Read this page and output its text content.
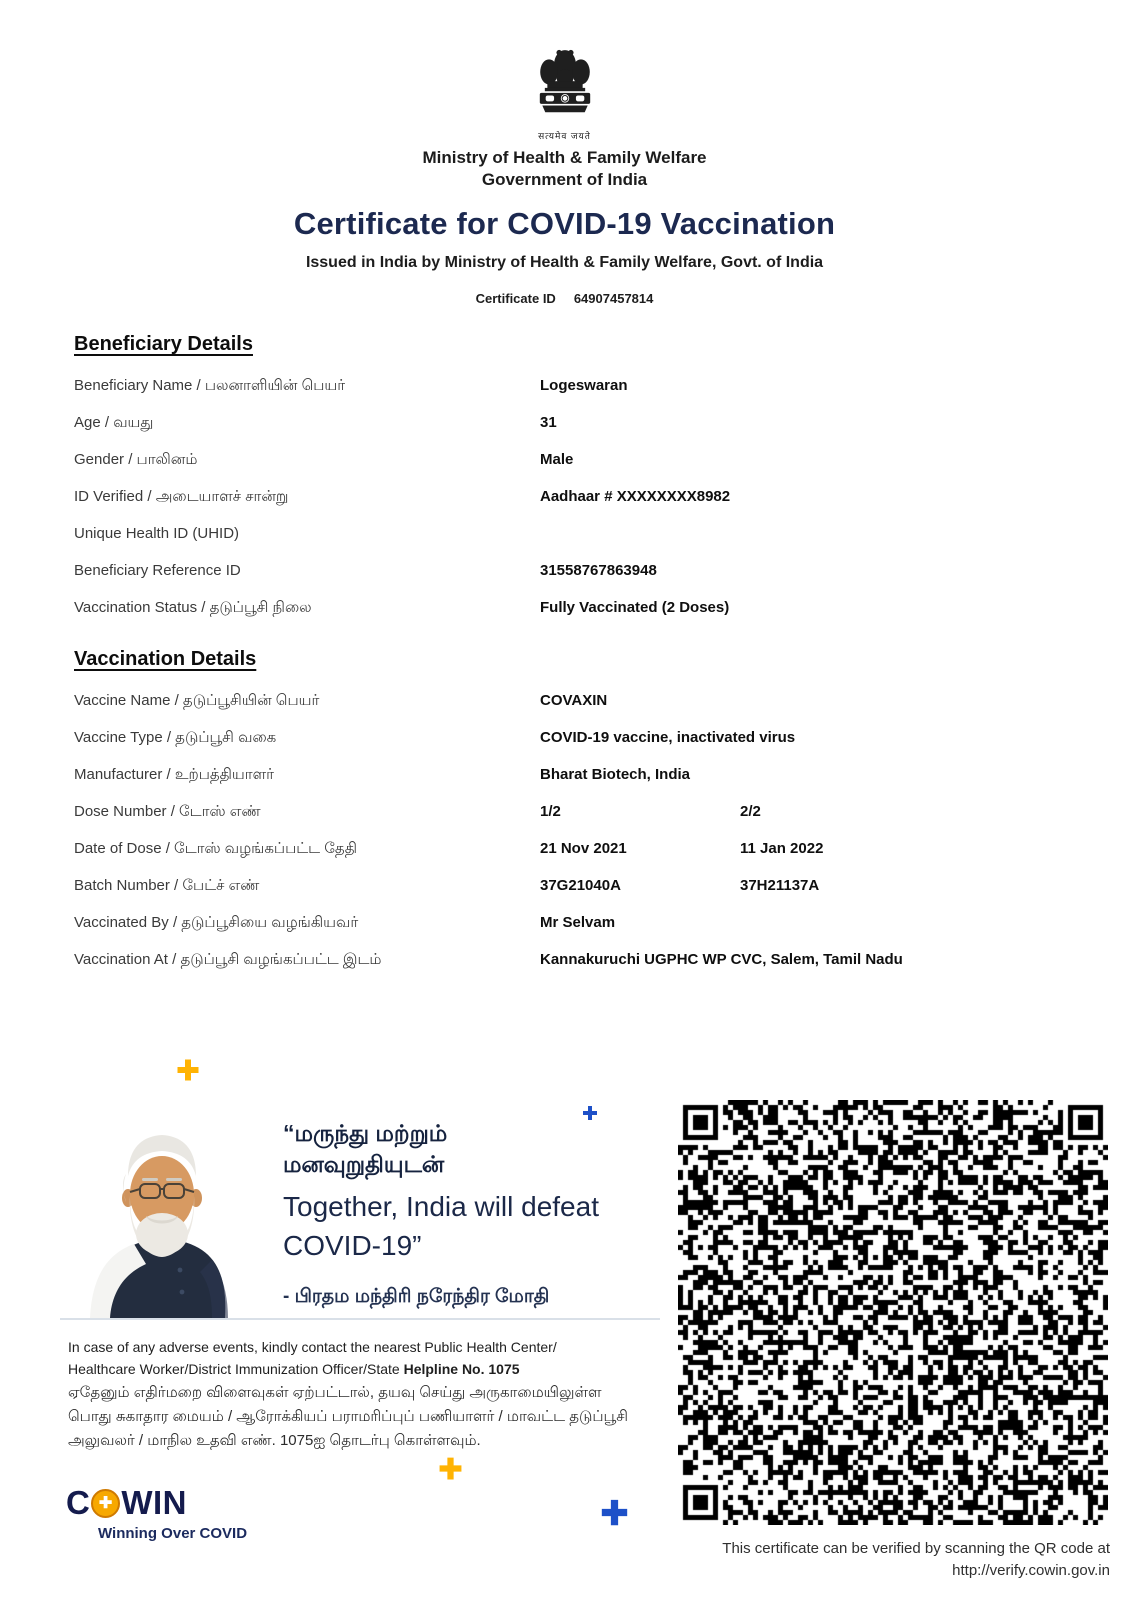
सत्यमेव जयते
Ministry of Health & Family Welfare
Government of India
Certificate for COVID-19 Vaccination
Issued in India by Ministry of Health & Family Welfare, Govt. of India
Certificate ID 64907457814
Beneficiary Details
Beneficiary Name / பலனாளியின் பெயர்	Logeswaran
Age / வயது	31
Gender / பாலினம்	Male
ID Verified / அடையாளச் சான்று	Aadhaar # XXXXXXXX8982
Unique Health ID (UHID)
Beneficiary Reference ID	31558767863948
Vaccination Status / தடுப்பூசி நிலை	Fully Vaccinated (2 Doses)
Vaccination Details
Vaccine Name / தடுப்பூசியின் பெயர்	COVAXIN
Vaccine Type / தடுப்பூசி வகை	COVID-19 vaccine, inactivated virus
Manufacturer / உற்பத்தியாளர்	Bharat Biotech, India
Dose Number / டோஸ் எண்	1/2	2/2
Date of Dose / டோஸ் வழங்கப்பட்ட தேதி	21 Nov 2021	11 Jan 2022
Batch Number / பேட்ச் எண்	37G21040A	37H21137A
Vaccinated By / தடுப்பூசியை வழங்கியவர்	Mr Selvam
Vaccination At / தடுப்பூசி வழங்கப்பட்ட இடம்	Kannakuruchi UGPHC WP CVC, Salem, Tamil Nadu
“மருந்து மற்றும்
மனவுறுதியுடன்
Together, India will defeat
COVID-19”
- பிரதம மந்திரி நரேந்திர மோதி

In case of any adverse events, kindly contact the nearest Public Health Center/
Healthcare Worker/District Immunization Officer/State Helpline No. 1075

ஏதேனும் எதிர்மறை விளைவுகள் ஏற்பட்டால், தயவு செய்து அருகாமையிலுள்ள பொது சுகாதார மையம் / ஆரோக்கியப் பராமரிப்புப் பணியாளர் / மாவட்ட தடுப்பூசி அலுவலர் / மாநில உதவி எண். 1075ஐ தொடர்பு கொள்ளவும்.

C ✚ WIN
Winning Over COVID
This certificate can be verified by scanning the QR code at
http://verify.cowin.gov.in
